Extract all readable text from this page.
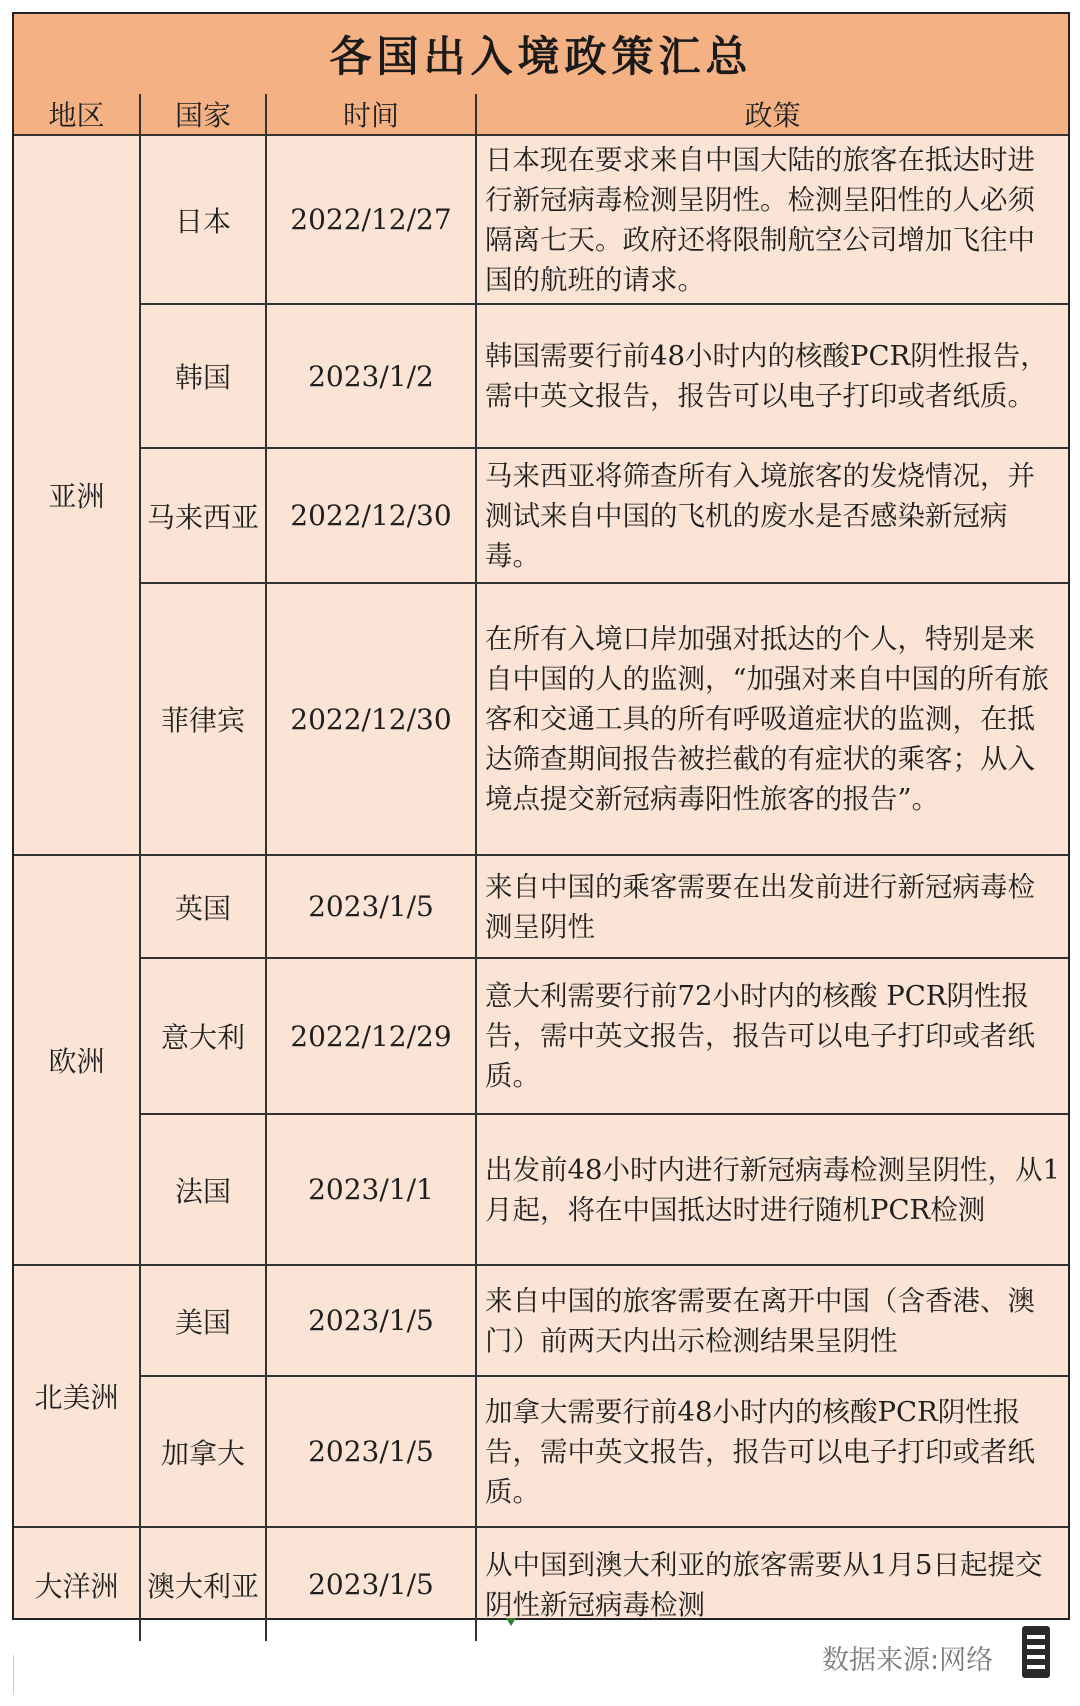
各国出入境政策汇总
地区	国家	时间	政策
亚洲	日本	2022/12/27	日本现在要求来自中国大陆的旅客在抵达时进行新冠病毒检测呈阴性。检测呈阳性的人必须隔离七天。政府还将限制航空公司增加飞往中国的航班的请求。
	韩国	2023/1/2	韩国需要行前48小时内的核酸PCR阴性报告，需中英文报告，报告可以电子打印或者纸质。
	马来西亚	2022/12/30	马来西亚将筛查所有入境旅客的发烧情况，并测试来自中国的飞机的废水是否感染新冠病毒。
	菲律宾	2022/12/30	在所有入境口岸加强对抵达的个人，特别是来自中国的人的监测，“加强对来自中国的所有旅客和交通工具的所有呼吸道症状的监测，在抵达筛查期间报告被拦截的有症状的乘客；从入境点提交新冠病毒阳性旅客的报告”。
欧洲	英国	2023/1/5	来自中国的乘客需要在出发前进行新冠病毒检测呈阴性
	意大利	2022/12/29	意大利需要行前72小时内的核酸 PCR阴性报告，需中英文报告，报告可以电子打印或者纸质。
	法国	2023/1/1	出发前48小时内进行新冠病毒检测呈阴性，从1月起，将在中国抵达时进行随机PCR检测
北美洲	美国	2023/1/5	来自中国的旅客需要在离开中国（含香港、澳门）前两天内出示检测结果呈阴性
	加拿大	2023/1/5	加拿大需要行前48小时内的核酸PCR阴性报告，需中英文报告，报告可以电子打印或者纸质。
大洋洲	澳大利亚	2023/1/5	从中国到澳大利亚的旅客需要从1月5日起提交阴性新冠病毒检测
数据来源:网络
